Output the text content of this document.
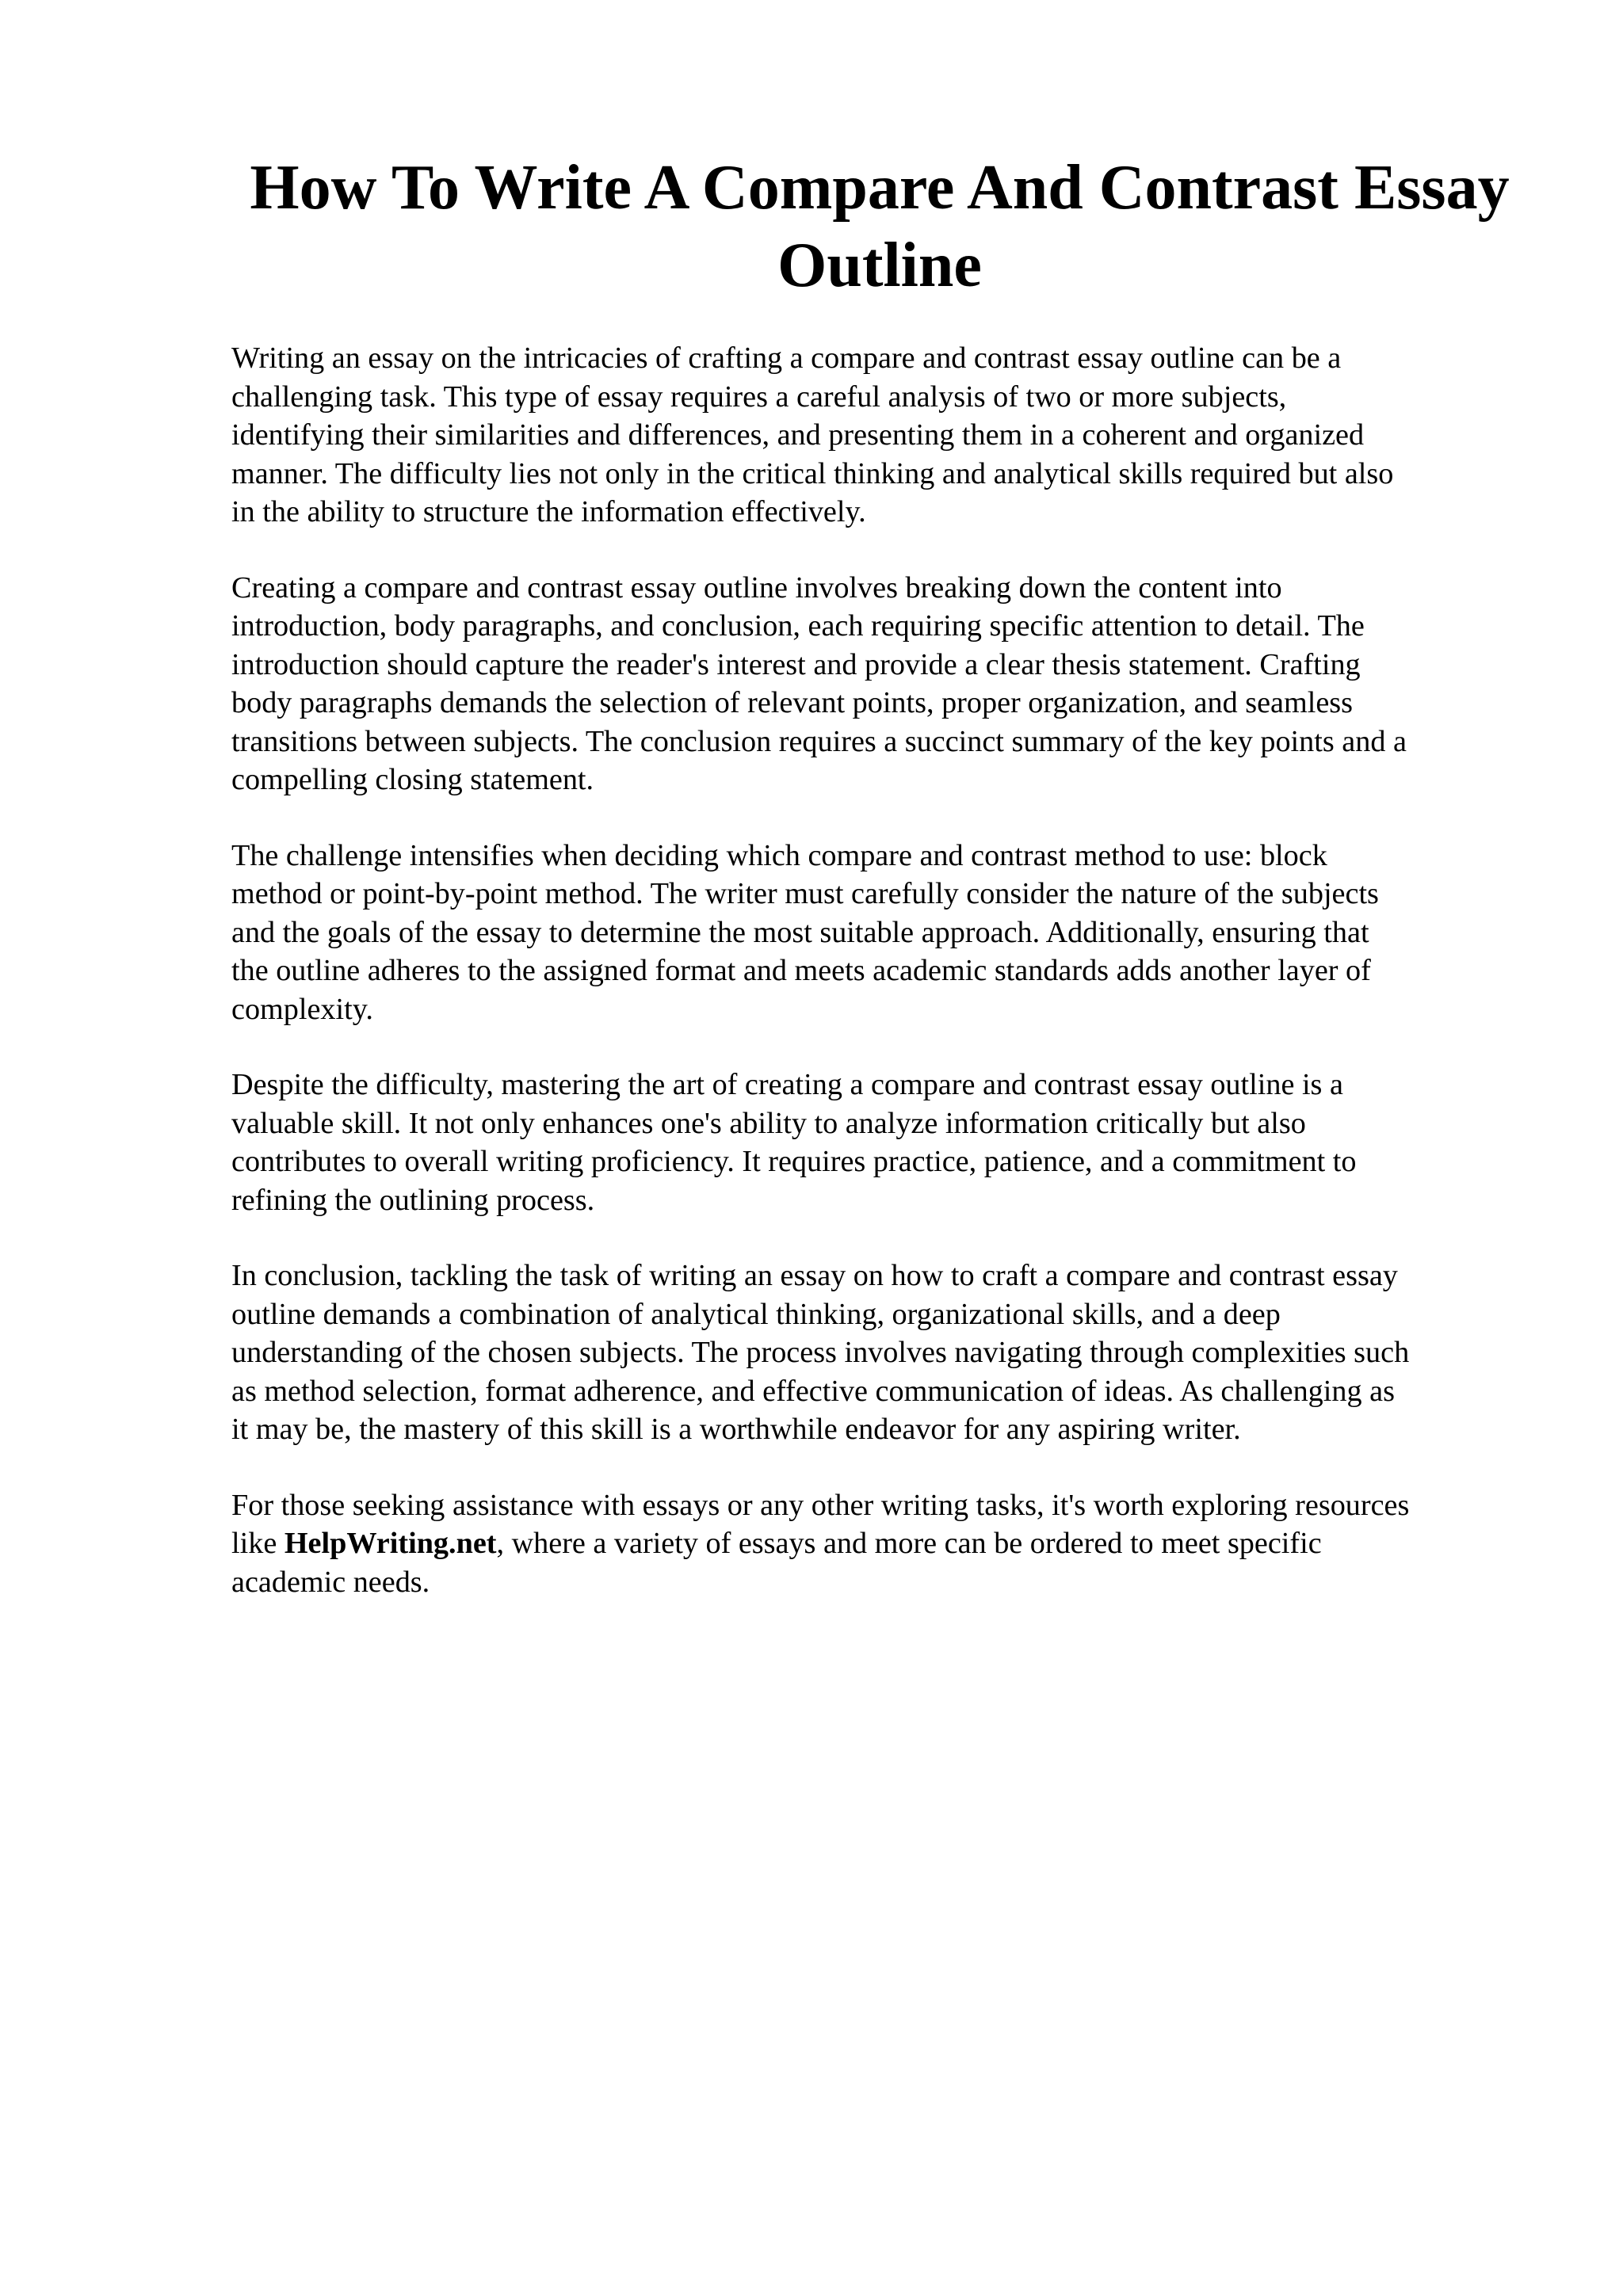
How To Write A Compare And Contrast Essay Outline

Writing an essay on the intricacies of crafting a compare and contrast essay outline can be a
challenging task. This type of essay requires a careful analysis of two or more subjects,
identifying their similarities and differences, and presenting them in a coherent and organized
manner. The difficulty lies not only in the critical thinking and analytical skills required but also
in the ability to structure the information effectively.

Creating a compare and contrast essay outline involves breaking down the content into
introduction, body paragraphs, and conclusion, each requiring specific attention to detail. The
introduction should capture the reader's interest and provide a clear thesis statement. Crafting
body paragraphs demands the selection of relevant points, proper organization, and seamless
transitions between subjects. The conclusion requires a succinct summary of the key points and a
compelling closing statement.

The challenge intensifies when deciding which compare and contrast method to use: block
method or point-by-point method. The writer must carefully consider the nature of the subjects
and the goals of the essay to determine the most suitable approach. Additionally, ensuring that
the outline adheres to the assigned format and meets academic standards adds another layer of
complexity.

Despite the difficulty, mastering the art of creating a compare and contrast essay outline is a
valuable skill. It not only enhances one's ability to analyze information critically but also
contributes to overall writing proficiency. It requires practice, patience, and a commitment to
refining the outlining process.

In conclusion, tackling the task of writing an essay on how to craft a compare and contrast essay
outline demands a combination of analytical thinking, organizational skills, and a deep
understanding of the chosen subjects. The process involves navigating through complexities such
as method selection, format adherence, and effective communication of ideas. As challenging as
it may be, the mastery of this skill is a worthwhile endeavor for any aspiring writer.

For those seeking assistance with essays or any other writing tasks, it's worth exploring resources
like HelpWriting.net, where a variety of essays and more can be ordered to meet specific
academic needs.
